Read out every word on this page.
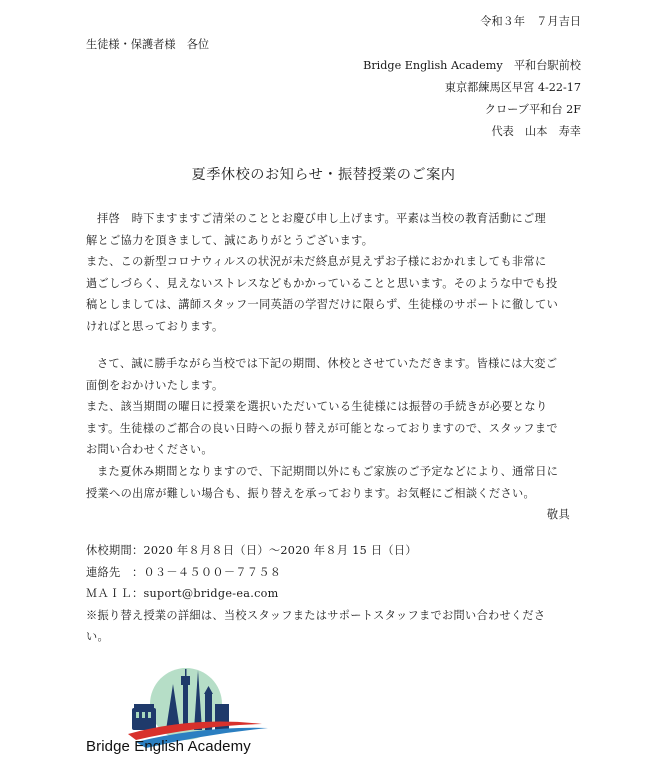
令和３年　７月吉日
生徒様・保護者様　各位
Bridge English Academy　平和台駅前校
東京都練馬区早宮 4-22-17
クローブ平和台 2F
代表　山本　寿幸
夏季休校のお知らせ・振替授業のご案内
拝啓　時下ますますご清栄のこととお慶び申し上げます。平素は当校の教育活動にご理
解とご協力を頂きまして、誠にありがとうございます。
また、この新型コロナウィルスの状況が未だ終息が見えずお子様におかれましても非常に
過ごしづらく、見えないストレスなどもかかっていることと思います。そのような中でも投
稿としましては、講師スタッフ一同英語の学習だけに限らず、生徒様のサポートに徹してい
ければと思っております。
さて、誠に勝手ながら当校では下記の期間、休校とさせていただきます。皆様には大変ご
面倒をおかけいたします。
また、該当期間の曜日に授業を選択いただいている生徒様には振替の手続きが必要となり
ます。生徒様のご都合の良い日時への振り替えが可能となっておりますので、スタッフまで
お問い合わせください。
また夏休み期間となりますので、下記期間以外にもご家族のご予定などにより、通常日に
授業への出席が難しい場合も、振り替えを承っております。お気軽にご相談ください。
敬具
休校期間：2020 年８月８日（日）～2020 年８月 15 日（日）
連絡先　：０３－４５００－７７５８
ＭＡＩＬ：suport@bridge-ea.com
※振り替え授業の詳細は、当校スタッフまたはサポートスタッフまでお問い合わせくださ
い。
Bridge English Academy
